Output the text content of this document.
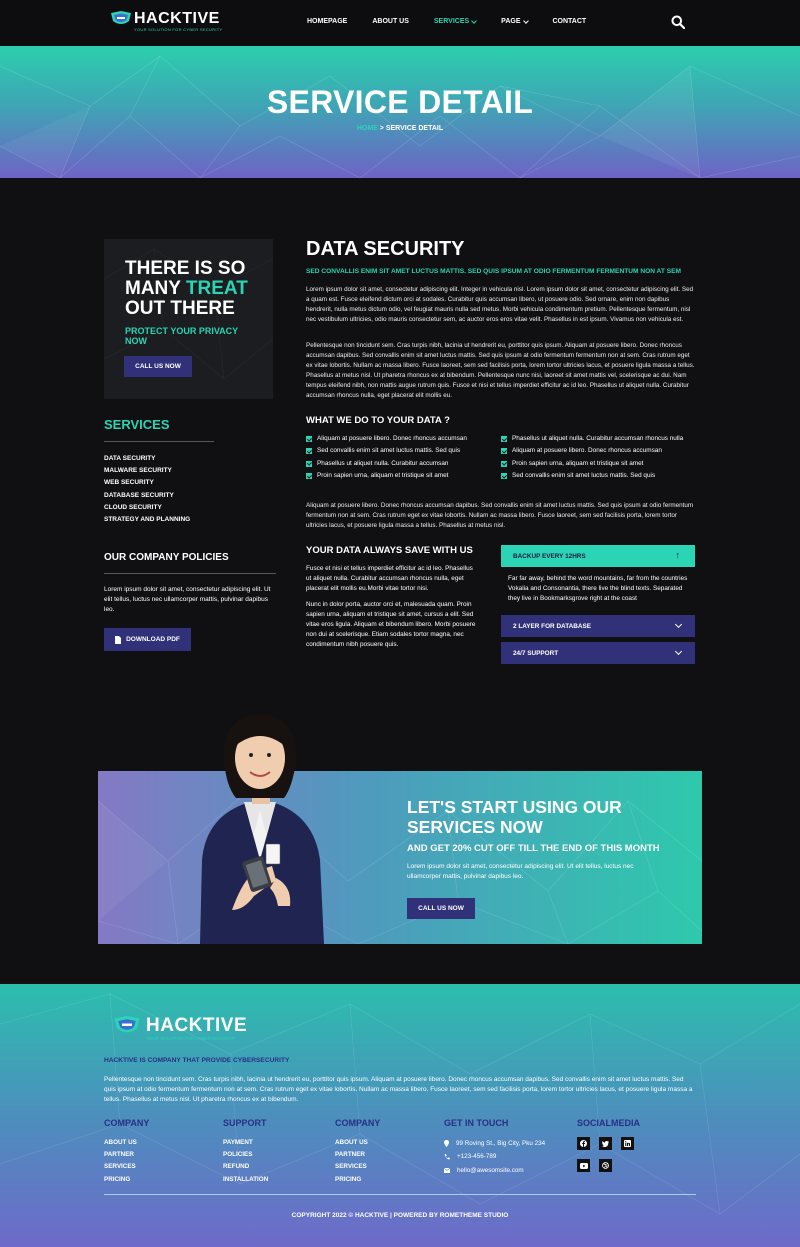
HACKTIVE
YOUR SOLUTION FOR CYBER SECURITY
HOMEPAGE	ABOUT US	SERVICES	PAGE	CONTACT
SERVICE DETAIL
HOME > SERVICE DETAIL
THERE IS SO
MANY TREAT
OUT THERE
PROTECT YOUR PRIVACY NOW
CALL US NOW
SERVICES
DATA SECURITY
MALWARE SECURITY
WEB SECURITY
DATABASE SECURITY
CLOUD SECURITY
STRATEGY AND PLANNING
OUR COMPANY POLICIES
Lorem ipsum dolor sit amet, consectetur adipiscing elit. Ut elit tellus, luctus nec ullamcorper mattis, pulvinar dapibus leo.
DOWNLOAD PDF
DATA SECURITY
SED CONVALLIS ENIM SIT AMET LUCTUS MATTIS. SED QUIS IPSUM AT ODIO FERMENTUM FERMENTUM NON AT SEM
Lorem ipsum dolor sit amet, consectetur adipiscing elit. Integer in vehicula nisl. Lorem ipsum dolor sit amet, consectetur adipiscing elit. Sed a quam est. Fusce eleifend dictum orci at sodales. Curabitur quis accumsan libero, ut posuere odio. Sed ornare, enim non dapibus hendrerit, nulla metus dictum odio, vel feugiat mauris nulla sed metus. Morbi vehicula condimentum pretium. Pellentesque fermentum, nisl nec vestibulum ultricies, odio mauris consectetur sem, ac auctor eros eros vitae velit. Phasellus in est ipsum. Vivamus non vehicula est.
Pellentesque non tincidunt sem. Cras turpis nibh, lacinia ut hendrerit eu, porttitor quis ipsum. Aliquam at posuere libero. Donec rhoncus accumsan dapibus. Sed convallis enim sit amet luctus mattis. Sed quis ipsum at odio fermentum fermentum non at sem. Cras rutrum eget ex vitae lobortis. Nullam ac massa libero. Fusce laoreet, sem sed facilisis porta, lorem tortor ultricies lacus, et posuere ligula massa a tellus. Phasellus at metus nisl. Ut pharetra rhoncus ex at bibendum. Pellentesque nunc nisi, laoreet sit amet mattis vel, scelerisque ac dui. Nam tempus eleifend nibh, non mattis augue rutrum quis. Fusce et nisi et tellus imperdiet efficitur ac id leo. Phasellus ut aliquet nulla. Curabitur accumsan rhoncus nulla, eget placerat elit mollis eu.
WHAT WE DO TO YOUR DATA ?
Aliquam at posuere libero. Donec rhoncus accumsan
Sed convallis enim sit amet luctus mattis. Sed quis
Phasellus ut aliquet nulla. Curabitur accumsan
Proin sapien urna, aliquam et tristique sit amet
Phasellus ut aliquet nulla. Curabitur accumsan rhoncus nulla
Aliquam at posuere libero. Donec rhoncus accumsan
Proin sapien urna, aliquam et tristique sit amet
Sed convallis enim sit amet luctus mattis. Sed quis
Aliquam at posuere libero. Donec rhoncus accumsan dapibus. Sed convallis enim sit amet luctus mattis. Sed quis ipsum at odio fermentum fermentum non at sem. Cras rutrum eget ex vitae lobortis. Nullam ac massa libero. Fusce laoreet, sem sed facilisis porta, lorem tortor ultricies lacus, et posuere ligula massa a tellus. Phasellus at metus nisl.
YOUR DATA ALWAYS SAVE WITH US
Fusce et nisi et tellus imperdiet efficitur ac id leo. Phasellus ut aliquet nulla. Curabitur accumsan rhoncus nulla, eget placerat elit mollis eu.Morbi vitae tortor nisi.
Nunc in dolor porta, auctor orci et, malesuada quam. Proin sapien urna, aliquam et tristique sit amet, cursus a elit. Sed vitae eros ligula. Aliquam et bibendum libero. Morbi posuere non dui at scelerisque. Etiam sodales tortor magna, nec condimentum nibh posuere quis.
BACKUP EVERY 12HRS	↑
Far far away, behind the word mountains, far from the countries Vokalia and Consonantia, there live the blind texts. Separated they live in Bookmarksgrove right at the coast
2 LAYER FOR DATABASE
24/7 SUPPORT
LET'S START USING OUR SERVICES NOW
AND GET 20% CUT OFF TILL THE END OF THIS MONTH
Lorem ipsum dolor sit amet, consectetur adipiscing elit. Ut elit tellus, luctus nec ullamcorper mattis, pulvinar dapibus leo.
CALL US NOW
HACKTIVE
YOUR SOLUTION FOR CYBER SECURITY
HACKTIVE IS COMPANY THAT PROVIDE CYBERSECURITY
Pellentesque non tincidunt sem. Cras turpis nibh, lacinia ut hendrerit eu, porttitor quis ipsum. Aliquam at posuere libero. Donec rhoncus accumsan dapibus. Sed convallis enim sit amet luctus mattis. Sed quis ipsum at odio fermentum fermentum non at sem. Cras rutrum eget ex vitae lobortis. Nullam ac massa libero. Fusce laoreet, sem sed facilisis porta, lorem tortor ultricies lacus, et posuere ligula massa a tellus. Phasellus at metus nisl. Ut pharetra rhoncus ex at bibendum.
COMPANY
ABOUT US
PARTNER
SERVICES
PRICING
SUPPORT
PAYMENT
POLICIES
REFUND
INSTALLATION
COMPANY
ABOUT US
PARTNER
SERVICES
PRICING
GET IN TOUCH
99 Roving St., Big City, Pku 234
+123-456-789
hello@awesomsite.com
SOCIALMEDIA
COPYRIGHT 2022 © HACKTIVE | POWERED BY ROMETHEME STUDIO
